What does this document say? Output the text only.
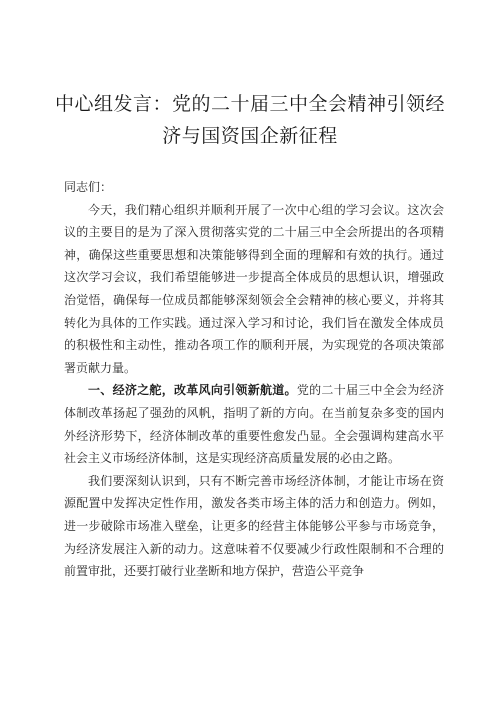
中心组发言：党的二十届三中全会精神引领经
济与国资国企新征程

同志们：

今天，我们精心组织并顺利开展了一次中心组的学习会议。这次会议的主要目的是为了深入贯彻落实党的二十届三中全会所提出的各项精神，确保这些重要思想和决策能够得到全面的理解和有效的执行。通过这次学习会议，我们希望能够进一步提高全体成员的思想认识，增强政治觉悟，确保每一位成员都能够深刻领会全会精神的核心要义，并将其转化为具体的工作实践。通过深入学习和讨论，我们旨在激发全体成员的积极性和主动性，推动各项工作的顺利开展，为实现党的各项决策部署贡献力量。

一、经济之舵，改革风向引领新航道。党的二十届三中全会为经济体制改革扬起了强劲的风帆，指明了新的方向。在当前复杂多变的国内外经济形势下，经济体制改革的重要性愈发凸显。全会强调构建高水平社会主义市场经济体制，这是实现经济高质量发展的必由之路。

我们要深刻认识到，只有不断完善市场经济体制，才能让市场在资源配置中发挥决定性作用，激发各类市场主体的活力和创造力。例如，进一步破除市场准入壁垒，让更多的经营主体能够公平参与市场竞争，为经济发展注入新的动力。这意味着不仅要减少行政性限制和不合理的前置审批，还要打破行业垄断和地方保护，营造公平竞争
